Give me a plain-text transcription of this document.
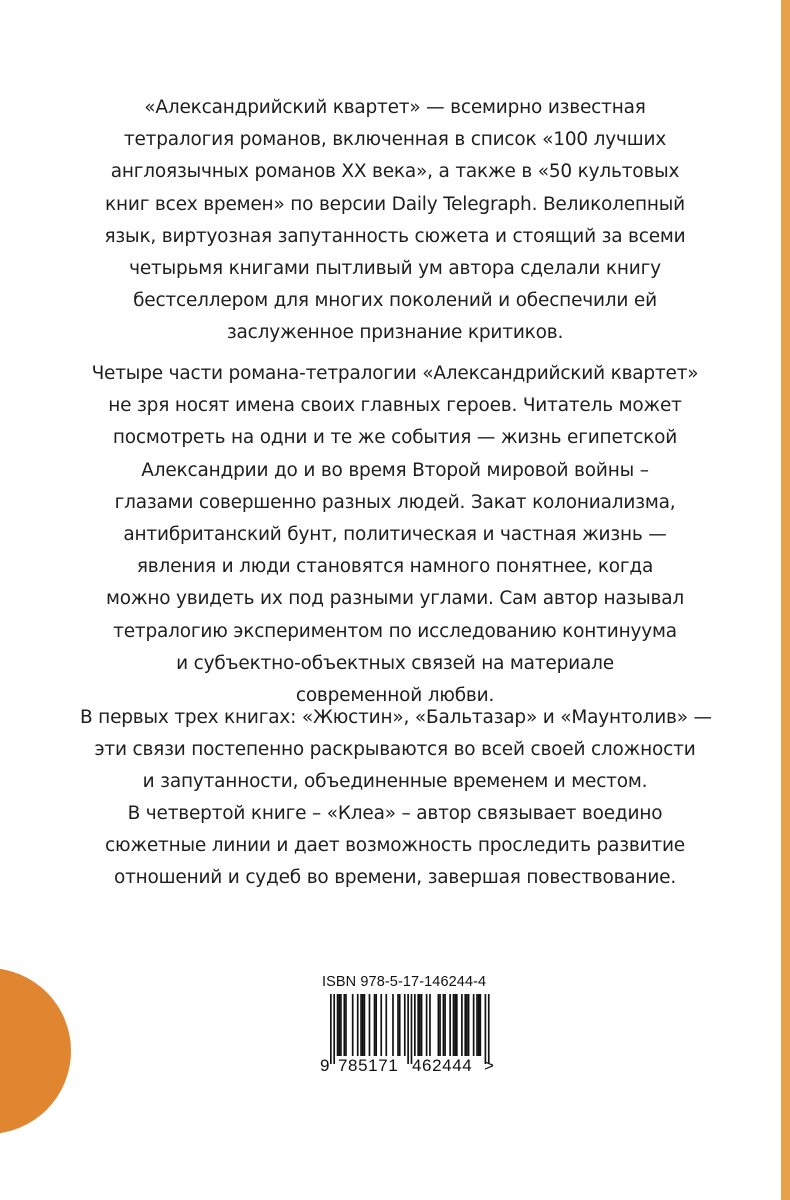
«Александрийский квартет» — всемирно известная
тетралогия романов, включенная в список «100 лучших
англоязычных романов XX века», а также в «50 культовых
книг всех времен» по версии Daily Telegraph. Великолепный
язык, виртуозная запутанность сюжета и стоящий за всеми
четырьмя книгами пытливый ум автора сделали книгу
бестселлером для многих поколений и обеспечили ей
заслуженное признание критиков.
Четыре части романа-тетралогии «Александрийский квартет»
не зря носят имена своих главных героев. Читатель может
посмотреть на одни и те же события — жизнь египетской
Александрии до и во время Второй мировой войны –
глазами совершенно разных людей. Закат колониализма,
антибританский бунт, политическая и частная жизнь —
явления и люди становятся намного понятнее, когда
можно увидеть их под разными углами. Сам автор называл
тетралогию экспериментом по исследованию континуума
и субъектно-объектных связей на материале
современной любви.
В первых трех книгах: «Жюстин», «Бальтазар» и «Маунтолив» —
эти связи постепенно раскрываются во всей своей сложности
и запутанности, объединенные временем и местом.
В четвертой книге – «Клеа» – автор связывает воедино
сюжетные линии и дает возможность проследить развитие
отношений и судеб во времени, завершая повествование.
ISBN 978-5-17-146244-4
9 785171 462444 >
